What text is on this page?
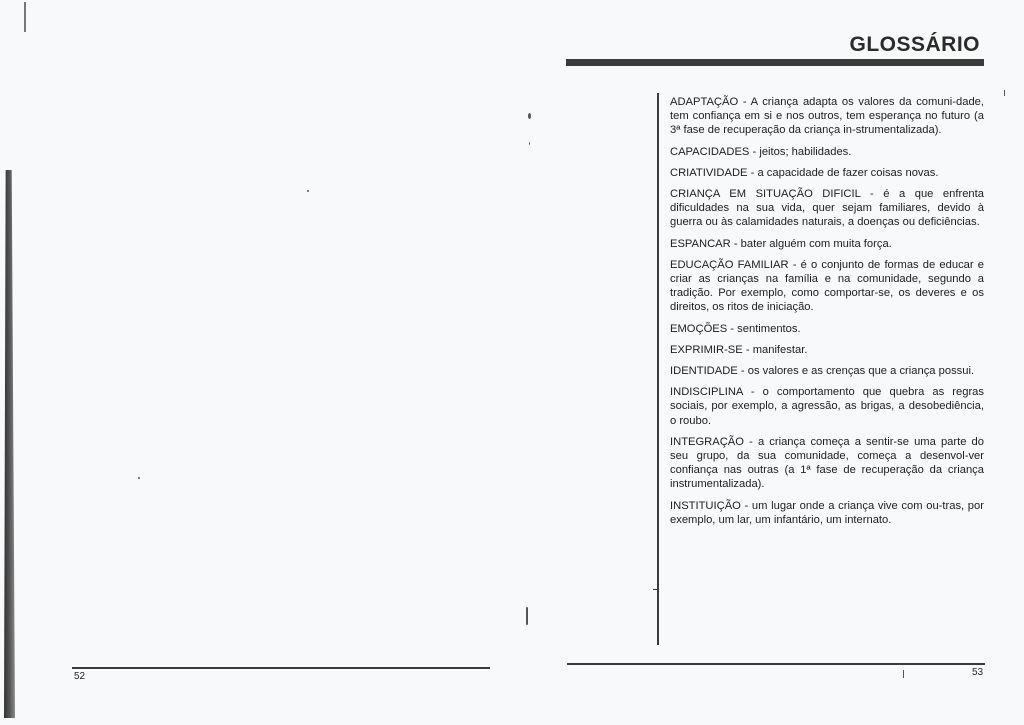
52
GLOSSÁRIO

ADAPTAÇÃO - A criança adapta os valores da comuni-dade, tem confiança em si e nos outros, tem esperança no futuro (a 3ª fase de recuperação da criança in-strumentalizada).

CAPACIDADES - jeitos; habilidades.

CRIATIVIDADE - a capacidade de fazer coisas novas.

CRIANÇA EM SITUAÇÃO DIFICIL - é a que enfrenta dificuldades na sua vida, quer sejam familiares, devido à guerra ou às calamidades naturais, a doenças ou deficiências.

ESPANCAR - bater alguém com muita força.

EDUCAÇÃO FAMILIAR - é o conjunto de formas de educar e criar as crianças na família e na comunidade, segundo a tradição. Por exemplo, como comportar-se, os deveres e os direitos, os ritos de iniciação.

EMOÇÕES - sentimentos.

EXPRIMIR-SE - manifestar.

IDENTIDADE - os valores e as crenças que a criança possui.

INDISCIPLINA - o comportamento que quebra as regras sociais, por exemplo, a agressão, as brigas, a desobediência, o roubo.

INTEGRAÇÃO - a criança começa a sentir-se uma parte do seu grupo, da sua comunidade, começa a desenvol-ver confiança nas outras (a 1ª fase de recuperação da criança instrumentalizada).

INSTITUIÇÃO - um lugar onde a criança vive com ou-tras, por exemplo, um lar, um infantário, um internato.

53
